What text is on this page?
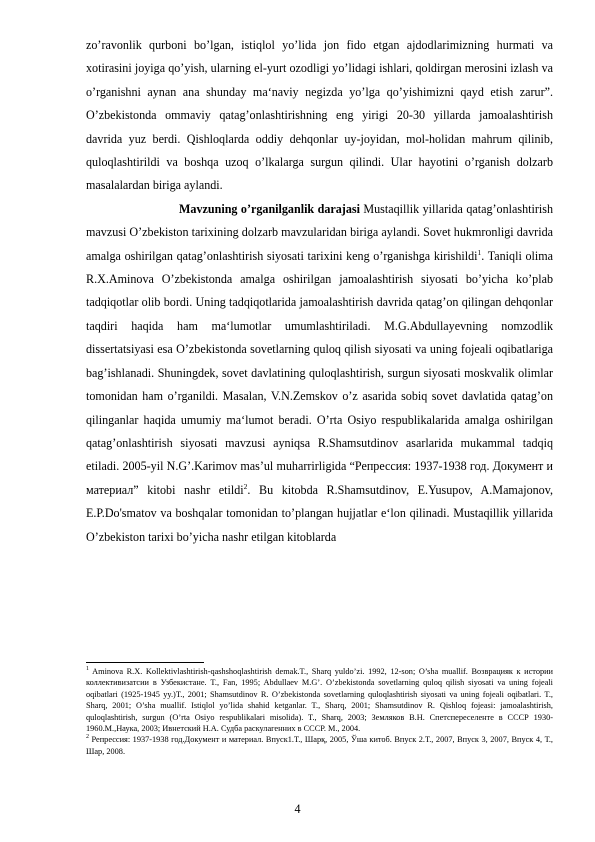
zo’ravonlik qurboni bo’lgan, istiqlol yo’lida jon fido etgan ajdodlarimizning hurmati va xotirasini joyiga qo’yish, ularning el-yurt ozodligi yo’lidagi ishlari, qoldirgan merosini izlash va o’rganishni aynan ana shunday ma‘naviy negizda yo’lga qo’yishimizni qayd etish zarur”. O’zbekistonda ommaviy qatag’onlashtirishning eng yirigi 20-30 yillarda jamoalashtirish davrida yuz berdi. Qishloqlarda oddiy dehqonlar uy-joyidan, mol-holidan mahrum qilinib, quloqlashtirildi va boshqa uzoq o’lkalarga surgun qilindi. Ular hayotini o’rganish dolzarb masalalardan biriga aylandi.

Mavzuning o’rganilganlik darajasi Mustaqillik yillarida qatag’onlashtirish mavzusi O’zbekiston tarixining dolzarb mavzularidan biriga aylandi. Sovet hukmronligi davrida amalga oshirilgan qatag’onlashtirish siyosati tarixini keng o’rganishga kirishildi$^1$. Taniqli olima R.X.Aminova O’zbekistonda amalga oshirilgan jamoalashtirish siyosati bo’yicha ko’plab tadqiqotlar olib bordi. Uning tadqiqotlarida jamoalashtirish davrida qatag’on qilingan dehqonlar taqdiri haqida ham ma‘lumotlar umumlashtiriladi. M.G.Abdullayevning nomzodlik dissertatsiyasi esa O’zbekistonda sovetlarning quloq qilish siyosati va uning fojeali oqibatlariga bag’ishlanadi. Shuningdek, sovet davlatining quloqlashtirish, surgun siyosati moskvalik olimlar tomonidan ham o’rganildi. Masalan, V.N.Zemskov o’z asarida sobiq sovet davlatida qatag’on qilinganlar haqida umumiy ma‘lumot beradi. O’rta Osiyo respublikalarida amalga oshirilgan qatag’onlashtirish siyosati mavzusi ayniqsa R.Shamsutdinov asarlarida mukammal tadqiq etiladi. 2005-yil N.G’.Karimov mas’ul muharrirligida “Репрессия: 1937-1938 год. Документ и материал” kitobi nashr etildi$^2$. Bu kitobda R.Shamsutdinov, E.Yusupov, A.Mamajonov, E.P.Do'smatov va boshqalar tomonidan to’plangan hujjatlar e‘lon qilinadi. Mustaqillik yillarida O’zbekiston tarixi bo’yicha nashr etilgan kitoblarda

$^1$ Aminova R.X. Kollektivlashtirish-qashshoqlashtirish demak.T., Sharq yuldo’zi. 1992, 12-son; O’sha muallif. Возврацияк к истории коллективизатсии в Узбекистане. T., Fan, 1995; Abdullaev M.G’. O’zbekistonda sovetlarning quloq qilish siyosati va uning fojeali oqibatlari (1925-1945 yy.)T., 2001; Shamsutdinov R. O’zbekistonda sovetlarning quloqlashtirish siyosati va uning fojeali oqibatlari. T., Sharq, 2001; O’sha muallif. Istiqlol yo’lida shahid ketganlar. T., Sharq, 2001; Shamsutdinov R. Qishloq fojeasi: jamoalashtirish, quloqlashtirish, surgun (O’rta Osiyo respublikalari misolida). T., Sharq, 2003; Земляков В.Н. Спетспереселенте в СССР 1930-1960.М.,Наука, 2003; Ивнетский Н.А. Судба раскулагенних в СССР. М., 2004.

$^2$ Репрессия: 1937-1938 год.Документ и материал. Впуск1.Т., Шарқ, 2005, Ўша китоб. Впуск 2.Т., 2007, Впуск 3, 2007, Впуск 4, Т., Шар, 2008.

4
